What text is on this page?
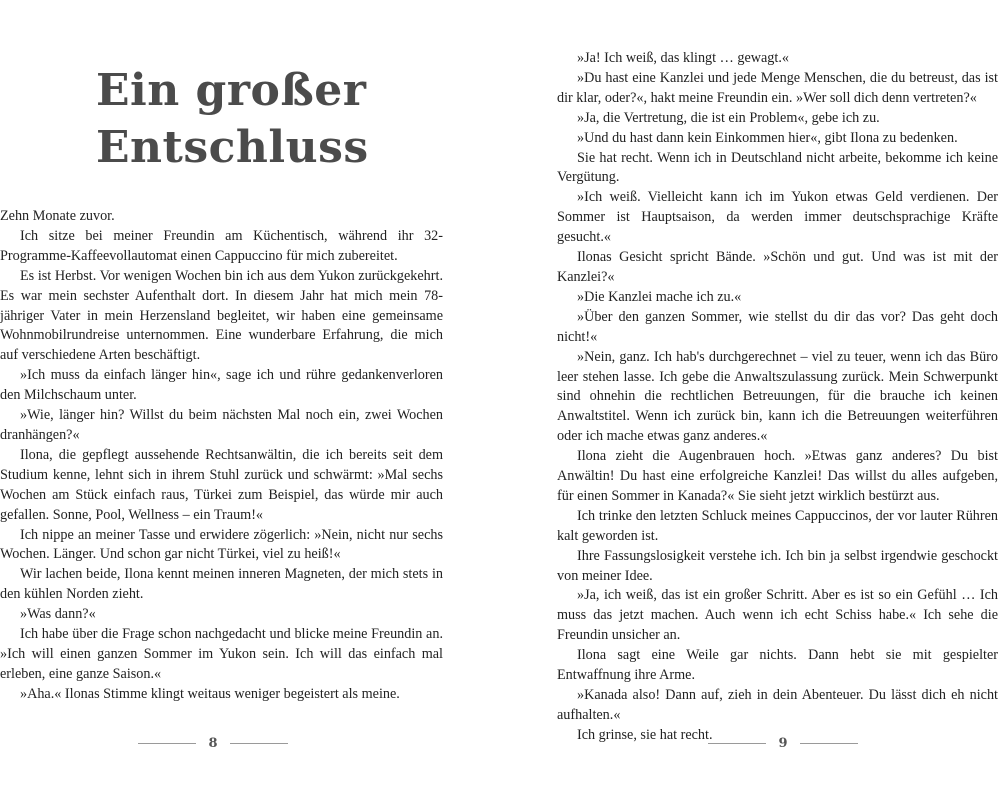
Ein großer
Entschluss

Zehn Monate zuvor.

Ich sitze bei meiner Freundin am Küchentisch, während ihr 32-Programme-Kaffeevollautomat einen Cappuccino für mich zubereitet.

Es ist Herbst. Vor wenigen Wochen bin ich aus dem Yukon zurückgekehrt. Es war mein sechster Aufenthalt dort. In diesem Jahr hat mich mein 78-jähriger Vater in mein Herzensland begleitet, wir haben eine gemeinsame Wohnmobilrundreise unternommen. Eine wunderbare Erfahrung, die mich auf verschiedene Arten beschäftigt.

»Ich muss da einfach länger hin«, sage ich und rühre gedankenverloren den Milchschaum unter.

»Wie, länger hin? Willst du beim nächsten Mal noch ein, zwei Wochen dranhängen?«

Ilona, die gepflegt aussehende Rechtsanwältin, die ich bereits seit dem Studium kenne, lehnt sich in ihrem Stuhl zurück und schwärmt: »Mal sechs Wochen am Stück einfach raus, Türkei zum Beispiel, das würde mir auch gefallen. Sonne, Pool, Wellness – ein Traum!«

Ich nippe an meiner Tasse und erwidere zögerlich: »Nein, nicht nur sechs Wochen. Länger. Und schon gar nicht Türkei, viel zu heiß!«

Wir lachen beide, Ilona kennt meinen inneren Magneten, der mich stets in den kühlen Norden zieht.

»Was dann?«

Ich habe über die Frage schon nachgedacht und blicke meine Freundin an. »Ich will einen ganzen Sommer im Yukon sein. Ich will das einfach mal erleben, eine ganze Saison.«

»Aha.« Ilonas Stimme klingt weitaus weniger begeistert als meine.

8

»Ja! Ich weiß, das klingt … gewagt.«

»Du hast eine Kanzlei und jede Menge Menschen, die du betreust, das ist dir klar, oder?«, hakt meine Freundin ein. »Wer soll dich denn vertreten?«

»Ja, die Vertretung, die ist ein Problem«, gebe ich zu.

»Und du hast dann kein Einkommen hier«, gibt Ilona zu bedenken.

Sie hat recht. Wenn ich in Deutschland nicht arbeite, bekomme ich keine Vergütung.

»Ich weiß. Vielleicht kann ich im Yukon etwas Geld verdienen. Der Sommer ist Hauptsaison, da werden immer deutschsprachige Kräfte gesucht.«

Ilonas Gesicht spricht Bände. »Schön und gut. Und was ist mit der Kanzlei?«

»Die Kanzlei mache ich zu.«

»Über den ganzen Sommer, wie stellst du dir das vor? Das geht doch nicht!«

»Nein, ganz. Ich hab's durchgerechnet – viel zu teuer, wenn ich das Büro leer stehen lasse. Ich gebe die Anwaltszulassung zurück. Mein Schwerpunkt sind ohnehin die rechtlichen Betreuungen, für die brauche ich keinen Anwaltstitel. Wenn ich zurück bin, kann ich die Betreuungen weiterführen oder ich mache etwas ganz anderes.«

Ilona zieht die Augenbrauen hoch. »Etwas ganz anderes? Du bist Anwältin! Du hast eine erfolgreiche Kanzlei! Das willst du alles aufgeben, für einen Sommer in Kanada?« Sie sieht jetzt wirklich bestürzt aus.

Ich trinke den letzten Schluck meines Cappuccinos, der vor lauter Rühren kalt geworden ist.

Ihre Fassungslosigkeit verstehe ich. Ich bin ja selbst irgendwie geschockt von meiner Idee.

»Ja, ich weiß, das ist ein großer Schritt. Aber es ist so ein Gefühl … Ich muss das jetzt machen. Auch wenn ich echt Schiss habe.« Ich sehe die Freundin unsicher an.

Ilona sagt eine Weile gar nichts. Dann hebt sie mit gespielter Entwaffnung ihre Arme.

»Kanada also! Dann auf, zieh in dein Abenteuer. Du lässt dich eh nicht aufhalten.«

Ich grinse, sie hat recht.

9
